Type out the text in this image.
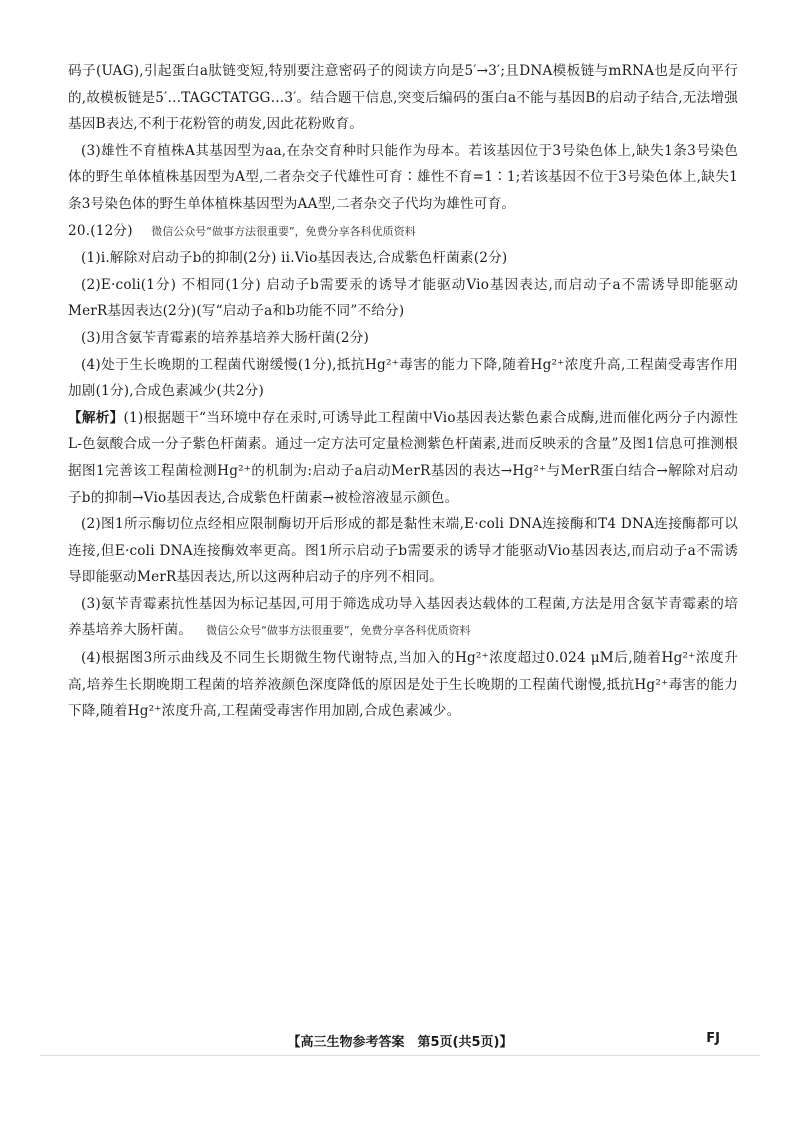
码子(UAG),引起蛋白a肽链变短,特别要注意密码子的阅读方向是5′→3′;且DNA模板链与mRNA也是反向平行的,故模板链是5′…TAGCTATGG…3′。结合题干信息,突变后编码的蛋白a不能与基因B的启动子结合,无法增强基因B表达,不利于花粉管的萌发,因此花粉败育。

(3)雄性不育植株A其基因型为aa,在杂交育种时只能作为母本。若该基因位于3号染色体上,缺失1条3号染色体的野生单体植株基因型为A型,二者杂交子代雄性可育∶雄性不育=1∶1;若该基因不位于3号染色体上,缺失1条3号染色体的野生单体植株基因型为AA型,二者杂交子代均为雄性可育。

20.(12分) 微信公众号“做事方法很重要”，免费分享各科优质资料

(1)i.解除对启动子b的抑制(2分) ii.Vio基因表达,合成紫色杆菌素(2分)

(2)E·coli(1分) 不相同(1分) 启动子b需要汞的诱导才能驱动Vio基因表达,而启动子a不需诱导即能驱动MerR基因表达(2分)(写“启动子a和b功能不同”不给分)

(3)用含氨苄青霉素的培养基培养大肠杆菌(2分)

(4)处于生长晚期的工程菌代谢缓慢(1分),抵抗Hg²⁺毒害的能力下降,随着Hg²⁺浓度升高,工程菌受毒害作用加剧(1分),合成色素减少(共2分)

【解析】(1)根据题干“当环境中存在汞时,可诱导此工程菌中Vio基因表达紫色素合成酶,进而催化两分子内源性L-色氨酸合成一分子紫色杆菌素。通过一定方法可定量检测紫色杆菌素,进而反映汞的含量”及图1信息可推测根据图1完善该工程菌检测Hg²⁺的机制为:启动子a启动MerR基因的表达→Hg²⁺与MerR蛋白结合→解除对启动子b的抑制→Vio基因表达,合成紫色杆菌素→被检溶液显示颜色。

(2)图1所示酶切位点经相应限制酶切开后形成的都是黏性末端,E·coli DNA连接酶和T4 DNA连接酶都可以连接,但E·coli DNA连接酶效率更高。图1所示启动子b需要汞的诱导才能驱动Vio基因表达,而启动子a不需诱导即能驱动MerR基因表达,所以这两种启动子的序列不相同。

(3)氨苄青霉素抗性基因为标记基因,可用于筛选成功导入基因表达载体的工程菌,方法是用含氨苄青霉素的培养基培养大肠杆菌。 微信公众号“做事方法很重要”，免费分享各科优质资料

(4)根据图3所示曲线及不同生长期微生物代谢特点,当加入的Hg²⁺浓度超过0.024 μM后,随着Hg²⁺浓度升高,培养生长期晚期工程菌的培养液颜色深度降低的原因是处于生长晚期的工程菌代谢慢,抵抗Hg²⁺毒害的能力下降,随着Hg²⁺浓度升高,工程菌受毒害作用加剧,合成色素减少。

【高三生物参考答案　第5页(共5页)】	FJ
